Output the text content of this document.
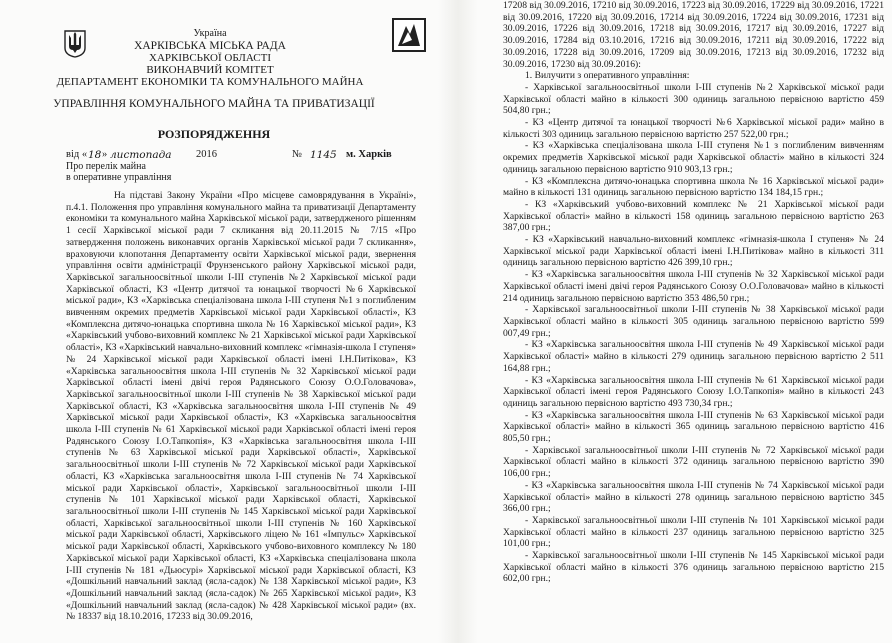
Україна
ХАРКІВСЬКА МІСЬКА РАДА
ХАРКІВСЬКОЇ ОБЛАСТІ
ВИКОНАВЧИЙ КОМІТЕТ
ДЕПАРТАМЕНТ ЕКОНОМІКИ ТА КОМУНАЛЬНОГО МАЙНА
УПРАВЛІННЯ КОМУНАЛЬНОГО МАЙНА ТА ПРИВАТИЗАЦІЇ
РОЗПОРЯДЖЕННЯ
від « 18 » листопада 2016	№ 1145 м. Харків
Про перелік майна
в оперативне управління

На підставі Закону України «Про місцеве самоврядування в Україні», п.4.1. Положення про управління комунального майна та приватизації Департаменту економіки та комунального майна Харківської міської ради, затвердженого рішенням 1 сесії Харківської міської ради 7 скликання від 20.11.2015 № 7/15 «Про затвердження положень виконавчих органів Харківської міської ради 7 скликання», враховуючи клопотання Департаменту освіти Харківської міської ради, звернення управління освіти адміністрації Фрунзенського району Харківської міської ради, Харківської загальноосвітньої школи І-ІІІ ступенів №2 Харківської міської ради Харківської області, КЗ «Центр дитячої та юнацької творчості №6 Харківської міської ради», КЗ «Харківська спеціалізована школа І-ІІІ ступеня №1 з поглибленим вивченням окремих предметів Харківської міської ради Харківської області», КЗ «Комплексна дитячо-юнацька спортивна школа № 16 Харківської міської ради», КЗ «Харківський учбово-виховний комплекс № 21 Харківської міської ради Харківської області», КЗ «Харківський навчально-виховний комплекс «гімназія-школа І ступеня» № 24 Харківської міської ради Харківської області імені І.Н.Питікова», КЗ «Харківська загальноосвітня школа І-ІІІ ступенів № 32 Харківської міської ради Харківської області імені двічі героя Радянського Союзу О.О.Головачова», Харківської загальноосвітньої школи І-ІІІ ступенів № 38 Харківської міської ради Харківської області, КЗ «Харківська загальноосвітня школа І-ІІІ ступенів № 49 Харківської міської ради Харківської області», КЗ «Харківська загальноосвітня школа І-ІІІ ступенів № 61 Харківської міської ради Харківської області імені героя Радянського Союзу І.О.Тапкопія», КЗ «Харківська загальноосвітня школа І-ІІІ ступенів № 63 Харківської міської ради Харківської області», Харківської загальноосвітньої школи І-ІІІ ступенів № 72 Харківської міської ради Харківської області, КЗ «Харківська загальноосвітня школа І-ІІІ ступенів № 74 Харківської міської ради Харківської області», Харківської загальноосвітньої школи І-ІІІ ступенів № 101 Харківської міської ради Харківської області, Харківської загальноосвітньої школи І-ІІІ ступенів № 145 Харківської міської ради Харківської області, Харківської загальноосвітньої школи І-ІІІ ступенів № 160 Харківської міської ради Харківської області, Харківського ліцею № 161 «Імпульс» Харківської міської ради Харківської області, Харківського учбово-виховного комплексу № 180 Харківської міської ради Харківської області, КЗ «Харківська спеціалізована школа І-ІІІ ступенів № 181 «Дьюсурі» Харківської міської ради Харківської області, КЗ «Дошкільний навчальний заклад (ясла-садок) № 138 Харківської міської ради», КЗ «Дошкільний навчальний заклад (ясла-садок) № 265 Харківської міської ради», КЗ «Дошкільний навчальний заклад (ясла-садок) № 428 Харківської міської ради» (вх. № 18337 від 18.10.2016, 17233 від 30.09.2016,

17208 від 30.09.2016, 17210 від 30.09.2016, 17223 від 30.09.2016, 17229 від 30.09.2016, 17221 від 30.09.2016, 17220 від 30.09.2016, 17214 від 30.09.2016, 17224 від 30.09.2016, 17231 від 30.09.2016, 17226 від 30.09.2016, 17218 від 30.09.2016, 17217 від 30.09.2016, 17227 від 30.09.2016, 17284 від 03.10.2016, 17216 від 30.09.2016, 17211 від 30.09.2016, 17222 від 30.09.2016, 17228 від 30.09.2016, 17209 від 30.09.2016, 17213 від 30.09.2016, 17232 від 30.09.2016, 17230 від 30.09.2016):

1. Вилучити з оперативного управління:

- Харківської загальноосвітньої школи І-ІІІ ступенів №2 Харківської міської ради Харківської області майно в кількості 300 одиниць загальною первісною вартістю 459 504,80 грн.;

- КЗ «Центр дитячої та юнацької творчості №6 Харківської міської ради» майно в кількості 303 одиниць загальною первісною вартістю 257 522,00 грн.;

- КЗ «Харківська спеціалізована школа І-ІІІ ступеня №1 з поглибленим вивченням окремих предметів Харківської міської ради Харківської області» майно в кількості 324 одиниць загальною первісною вартістю 910 903,13 грн.;

- КЗ «Комплексна дитячо-юнацька спортивна школа № 16 Харківської міської ради» майно в кількості 131 одиниць загальною первісною вартістю 134 184,15 грн.;

- КЗ «Харківський учбово-виховний комплекс № 21 Харківської міської ради Харківської області» майно в кількості 158 одиниць загальною первісною вартістю 263 387,00 грн.;

- КЗ «Харківський навчально-виховний комплекс «гімназія-школа І ступеня» № 24 Харківської міської ради Харківської області імені І.Н.Питікова» майно в кількості 311 одиниць загальною первісною вартістю 426 399,10 грн.;

- КЗ «Харківська загальноосвітня школа І-ІІІ ступенів № 32 Харківської міської ради Харківської області імені двічі героя Радянського Союзу О.О.Головачова» майно в кількості 214 одиниць загальною первісною вартістю 353 486,50 грн.;

- Харківської загальноосвітньої школи І-ІІІ ступенів № 38 Харківської міської ради Харківської області майно в кількості 305 одиниць загальною первісною вартістю 599 007,49 грн.;

- КЗ «Харківська загальноосвітня школа І-ІІІ ступенів № 49 Харківської міської ради Харківської області» майно в кількості 279 одиниць загальною первісною вартістю 2 511 164,88 грн.;

- КЗ «Харківська загальноосвітня школа І-ІІІ ступенів № 61 Харківської міської ради Харківської області імені героя Радянського Союзу І.О.Тапкопія» майно в кількості 243 одиниць загальною первісною вартістю 493 730,34 грн.;

- КЗ «Харківська загальноосвітня школа І-ІІІ ступенів № 63 Харківської міської ради Харківської області» майно в кількості 365 одиниць загальною первісною вартістю 416 805,50 грн.;

- Харківської загальноосвітньої школи І-ІІІ ступенів № 72 Харківської міської ради Харківської області майно в кількості 372 одиниць загальною первісною вартістю 390 106,00 грн.;

- КЗ «Харківська загальноосвітня школа І-ІІІ ступенів № 74 Харківської міської ради Харківської області» майно в кількості 278 одиниць загальною первісною вартістю 345 366,00 грн.;

- Харківської загальноосвітньої школи І-ІІІ ступенів № 101 Харківської міської ради Харківської області майно в кількості 237 одиниць загальною первісною вартістю 325 101,00 грн.;

- Харківської загальноосвітньої школи І-ІІІ ступенів № 145 Харківської міської ради Харківської області майно в кількості 376 одиниць загальною первісною вартістю 215 602,00 грн.;
